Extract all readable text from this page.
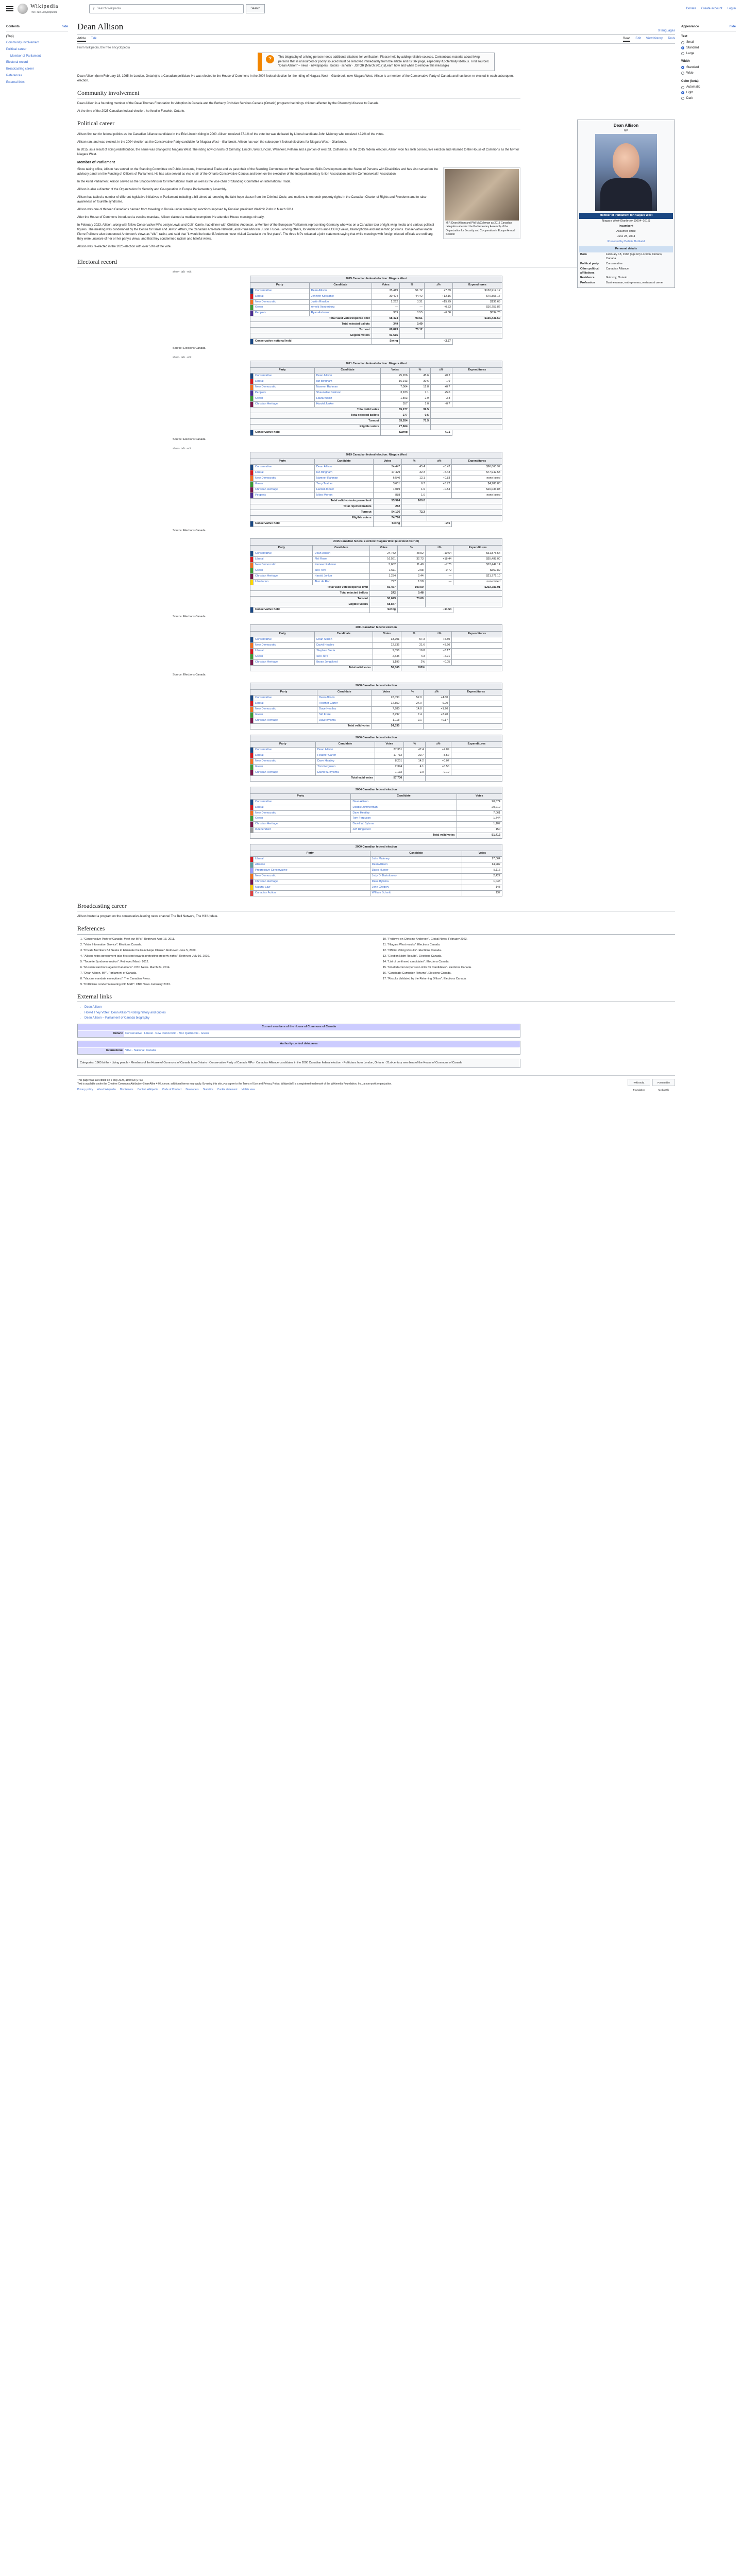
Wikipedia
The Free Encyclopedia
⚲ Search Wikipedia	Search	Donate Create account Log in
Contents	hide
(Top)
Community involvement
Political career
Member of Parliament
Electoral record
Broadcasting career
References
External links
Appearance	hide
Text
Small
Standard
Large
Width
Standard
Wide
Color (beta)
Automatic
Light
Dark
Dean Allison	9 languages
Article Talk	Read Edit View history Tools
From Wikipedia, the free encyclopedia
?	This biography of a living person needs additional citations for verification. Please help by adding reliable sources. Contentious material about living persons that is unsourced or poorly sourced must be removed immediately from the article and its talk page, especially if potentially libelous. Find sources: "Dean Allison" – news · newspapers · books · scholar · JSTOR (March 2017) (Learn how and when to remove this message)

Dean Allison
MP
Member of Parliament for Niagara West
Niagara West-Glanbrook (2004–2015)
Incumbent
Assumed office
June 28, 2004
Preceded by Debbie Dubbeld
Personal details
Born	February 18, 1965 (age 60) London, Ontario, Canada
Political party	Conservative
Other political affiliations
Canadian Alliance
Residence	Grimsby, Ontario
Profession	Businessman, entrepreneur, restaurant owner

Dean Allison (born February 18, 1965, in London, Ontario) is a Canadian politician. He was elected to the House of Commons in the 2004 federal election for the riding of Niagara West—Glanbrook, now Niagara West. Allison is a member of the Conservative Party of Canada and has been re-elected in each subsequent election.

Community involvement

Dean Allison is a founding member of the Dave Thomas Foundation for Adoption in Canada and the Bethany Christian Services Canada (Ontario) program that brings children affected by the Chernobyl disaster to Canada.

At the time of the 2025 Canadian federal election, he lived in Fenwick, Ontario.

Political career

Allison first ran for federal politics as the Canadian Alliance candidate in the Erie Lincoln riding in 2000. Allison received 37.1% of the vote but was defeated by Liberal candidate John Maloney who received 42.2% of the votes.

Allison ran, and was elected, in the 2004 election as the Conservative Party candidate for Niagara West—Glanbrook. Allison has won the subsequent federal elections for Niagara West—Glanbrook.

In 2015, as a result of riding redistribution, the name was changed to Niagara West. The riding now consists of Grimsby, Lincoln, West Lincoln, Wainfleet, Pelham and a portion of west St. Catharines. In the 2015 federal election, Allison won his sixth consecutive election and returned to the House of Commons as the MP for Niagara West.

Member of Parliament
M.P. Dean Allison and Phil McColeman as 2013 Canadian delegation attended the Parliamentary Assembly of the Organization for Security and Co-operation in Europe Annual Session

Since taking office, Allison has served on the Standing Committee on Public Accounts, International Trade and as past chair of the Standing Committee on Human Resources Skills Development and the Status of Persons with Disabilities and has also served on the advisory panel on the Funding of Officers of Parliament. He has also served as vice chair of the Ontario Conservative Caucus and been on the executive of the Interparliamentary Union Association and the Commonwealth Association.

In the 42nd Parliament, Allison served as the Shadow Minister for International Trade as well as the vice-chair of Standing Committee on International Trade.

Allison is also a director of the Organization for Security and Co-operation in Europe Parliamentary Assembly.

Allison has tabled a number of different legislative initiatives in Parliament including a bill aimed at removing the faint hope clause from the Criminal Code, and motions to entrench property rights in the Canadian Charter of Rights and Freedoms and to raise awareness of Tourette syndrome.

Allison was one of thirteen Canadians banned from traveling to Russia under retaliatory sanctions imposed by Russian president Vladimir Putin in March 2014.

After the House of Commons introduced a vaccine mandate, Allison claimed a medical exemption. He attended House meetings virtually.

In February 2023, Allison, along with fellow Conservative MPs Leslyn Lewis and Colin Carrie, had dinner with Christine Anderson, a Member of the European Parliament representing Germany who was on a Canadian tour of right-wing media and various political figures. The meeting was condemned by the Centre for Israel and Jewish Affairs, the Canadian Anti-Hate Network, and Prime Minister Justin Trudeau among others, for Anderson's anti-LGBTQ views, Islamophobia and antisemitic positions. Conservative leader Pierre Poilievre also denounced Anderson's views as "vile", racist, and said that "it would be better if Anderson never visited Canada in the first place". The three MPs released a joint statement saying that while meetings with foreign elected officials are ordinary, they were unaware of her or her party's views, and that they condemned racism and hateful views.

Allison was re-elected in the 2025 election with over 50% of the vote.

Electoral record
show · talk · edit
2025 Canadian federal election: Niagara West
Party		Candidate	Votes	%	±%	Expenditures
	Conservative	Dean Allison	35,419	51.72	+7.89	$132,912.12
	Liberal	Jennifer Korstanje	30,424	44.42	+12.16	$70,855.17
	New Democratic	Justin Rinaldo	2,262	3.31	−15.79	$136.65
	Green	Arnold Vanderborg	—	—	−0.83	$16,753.82
	People's	Ryan Anderson	369	0.55	−6.36	$834.73
Total valid votes/expense limit			68,474	99.51	$136,431.60	
Total rejected ballots			349	0.49		
Turnout			68,823	75.12		
Eligible voters			91,615			
	Conservative notional hold		Swing	−2.57		
Source: Elections Canada
show · talk · edit
2021 Canadian federal election: Niagara West
Party		Candidate	Votes	%	±%	Expenditures
	Conservative	Dean Allison	25,206	45.6	+0.2	
	Liberal	Ian Bingham	16,913	30.6	−1.9	
	New Democratic	Nameer Rahman	7,064	12.8	+0.7	
	People's	Shaunalee Derkson	3,933	7.1	+5.0	
	Green	Laura Walsh	1,593	2.9	−3.8	
	Christian Heritage	Harold Jonker	557	1.0	−0.7	
Total valid votes			55,277	99.5		
Total rejected ballots			277	0.5		
Turnout			55,554	71.5		
Eligible voters			77,664			
	Conservative hold		Swing	+1.1		
Source: Elections Canada
show · talk · edit
2019 Canadian federal election: Niagara West
Party		Candidate	Votes	%	±%	Expenditures
	Conservative	Dean Allison	24,447	45.4	−0.42	$96,060.97
	Liberal	Ian Bingham	17,429	32.3	−5.43	$77,942.53
	New Democratic	Nameer Rahman	6,540	12.1	+0.83	none listed
	Green	Terry Teather	3,601	6.7	+3.72	$4,788.88
	Christian Heritage	Harold Jonker	1,019	1.9	−0.54	$16,036.83
	People's	Miles Morton	888	1.6		none listed
Total valid votes/expense limit			53,924	100.0		
Total rejected ballots			252			
Turnout			54,176	72.3		
Eligible voters			74,790			
	Conservative hold		Swing	−2.5		
Source: Elections Canada
2015 Canadian federal election: Niagara West (electoral district)
Party		Candidate	Votes	%	±%	Expenditures
	Conservative	Dean Allison	24,752	48.92	−10.64	$61,875.54
	Liberal	Phil Rose	16,561	32.73	+18.44	$55,488.00
	New Democratic	Nameer Rahman	5,602	11.40	−7.75	$12,449.14
	Green	Sid Frere	1,511	2.98	−0.72	$560.89
	Christian Heritage	Harold Jonker	1,234	2.44	—	$21,772.10
	Libertarian	Alan de Roo	797	1.58	—	none listed
Total valid votes/expense limit			50,457	100.00	$202,783.01	
Total rejected ballots			242	0.48		
Turnout			50,699	73.60		
Eligible voters			68,877			
	Conservative hold		Swing	−14.54		
Source: Elections Canada
2011 Canadian federal election
Party		Candidate	Votes	%	±%	Expenditures
	Conservative	Dean Allison	33,701	57.3	+5.50	
	New Democratic	David Heatley	12,736	21.6	+8.60	
	Liberal	Stephen Bieda	9,856	16.8	−8.17	
	Green	Sid Frere	2,535	4.3	−2.91	
	Christian Heritage	Bryan Jongbloed	1,199	2%	−0.05	
Total valid votes			58,865	100%		
Source: Elections Canada
2008 Canadian federal election
Party		Candidate	Votes	%	±%	Expenditures
	Conservative	Dean Allison	28,090	52.0	+4.60	
	Liberal	Heather Carter	12,850	24.0	−9.20	
	New Democratic	Dave Heatley	7,980	14.8	+1.20	
	Green	Sid Frere	3,997	7.4	+3.20	
	Christian Heritage	Dave Bylsma	1,118	2.1	+0.17	
Total valid votes			54,035			
2006 Canadian federal election
Party		Candidate	Votes	%	±%	Expenditures
	Conservative	Dean Allison	27,351	47.4	+7.09	
	Liberal	Heather Carter	17,712	30.7	−8.52	
	New Democratic	Dave Heatley	8,201	14.2	+0.07	
	Green	Tom Ferguson	2,394	4.1	+0.50	
	Christian Heritage	David W. Bylsma	1,132	2.0	−0.10	
Total valid votes			57,730			
2004 Canadian federal election
Party		Candidate	Votes
	Conservative	Dean Allison	20,874
	Liberal	Debbie Zimmerman	20,210
	New Democratic	Dave Heatley	7,061
	Green	Tom Ferguson	1,744
	Christian Heritage	David W. Bylsma	1,107
	Independent	Jeff Ringwood	150
Total valid votes			51,412
2000 Canadian federal election
Party		Candidate	Votes
	Liberal	John Maloney	17,064
	Alliance	Dean Allison	14,982
	Progressive Conservative	David Hunter	5,116
	New Democratic	Jody Di Bartolomeo	2,422
	Christian Heritage	Dave Bylsma	1,043
	Natural Law	John Gregory	143
	Canadian Action	William Schmitt	137
Broadcasting career

Allison hosted a program on the conservative-leaning news channel The Bell Network, The Hill Update.

References
1. "Conservative Party of Canada: Meet our MPs". Retrieved April 13, 2011.
2. "Voter Information Service". Elections Canada.
3. "Private Members Bill Seeks to Eliminate the Faint Hope Clause". Retrieved June 5, 2009.
4. "Allison helps government take first step towards protecting property rights". Retrieved July 10, 2010.
5. "Tourette Syndrome motion". Retrieved March 2012.
6. "Russian sanctions against Canadians". CBC News. March 24, 2014.
7. "Dean Allison, MP". Parliament of Canada.
8. "Vaccine mandate exemptions". The Canadian Press.
9. "Politicians condemn meeting with MEP". CBC News. February 2023.
10. "Poilievre on Christine Anderson". Global News. February 2023.
11. "Niagara West results". Elections Canada.
12. "Official Voting Results". Elections Canada.
13. "Election Night Results". Elections Canada.
14. "List of confirmed candidates". Elections Canada.
15. "Final Election Expenses Limits for Candidates". Elections Canada.
16. "Candidate Campaign Returns". Elections Canada.
17. "Results Validated by the Returning Officer". Elections Canada.
External links
• Dean Allison
• How'd They Vote?: Dean Allison's voting history and quotes
• Dean Allison – Parliament of Canada biography
Current members of the House of Commons of Canada
Ontario Conservative · Liberal · New Democratic · Bloc Québécois · Green
Authority control databases
International VIAF · National: Canada
Categories: 1965 births · Living people · Members of the House of Commons of Canada from Ontario · Conservative Party of Canada MPs · Canadian Alliance candidates in the 2000 Canadian federal election · Politicians from London, Ontario · 21st-century members of the House of Commons of Canada
Wikimedia Foundation
Powered by MediaWiki
This page was last edited on 6 May 2025, at 04:33 (UTC).
Text is available under the Creative Commons Attribution-ShareAlike 4.0 License; additional terms may apply. By using this site, you agree to the Terms of Use and Privacy Policy. Wikipedia® is a registered trademark of the Wikimedia Foundation, Inc., a non-profit organization.
Privacy policy About Wikipedia Disclaimers Contact Wikipedia Code of Conduct Developers Statistics Cookie statement Mobile view
